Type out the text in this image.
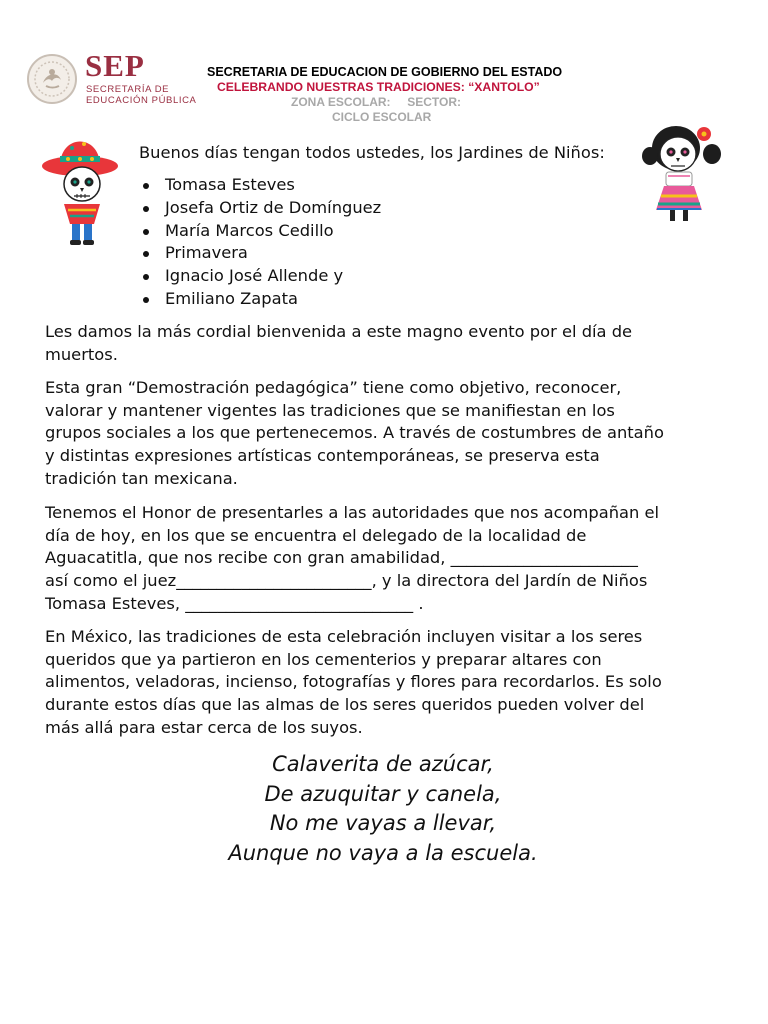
SEP
SECRETARÍA DE
EDUCACIÓN PÚBLICA
SECRETARIA DE EDUCACION DE GOBIERNO DEL ESTADO
CELEBRANDO NUESTRAS TRADICIONES: “XANTOLO”
ZONA ESCOLAR:     SECTOR:
CICLO ESCOLAR
Buenos días tengan todos ustedes, los Jardines de Niños:
Tomasa Esteves
Josefa Ortiz de Domínguez
María Marcos Cedillo
Primavera
Ignacio José Allende y
Emiliano Zapata

Les damos la más cordial bienvenida a este magno evento por el día de

muertos.

Esta gran “Demostración pedagógica” tiene como objetivo, reconocer,

valorar y mantener vigentes las tradiciones que se manifiestan en los

grupos sociales a los que pertenecemos. A través de costumbres de antaño

y distintas expresiones artísticas contemporáneas, se preserva esta

tradición tan mexicana.

Tenemos el Honor de presentarles a las autoridades que nos acompañan el

día de hoy, en los que se encuentra el delegado de la localidad de

Aguacatitla, que nos recibe con gran amabilidad, _______________________

así como el juez________________________, y la directora del Jardín de Niños

Tomasa Esteves, ____________________________ .

En México, las tradiciones de esta celebración incluyen visitar a los seres

queridos que ya partieron en los cementerios y preparar altares con

alimentos, veladoras, incienso, fotografías y flores para recordarlos. Es solo

durante estos días que las almas de los seres queridos pueden volver del

más allá para estar cerca de los suyos.

Calaverita de azúcar,

De azuquitar y canela,

No me vayas a llevar,

Aunque no vaya a la escuela.
